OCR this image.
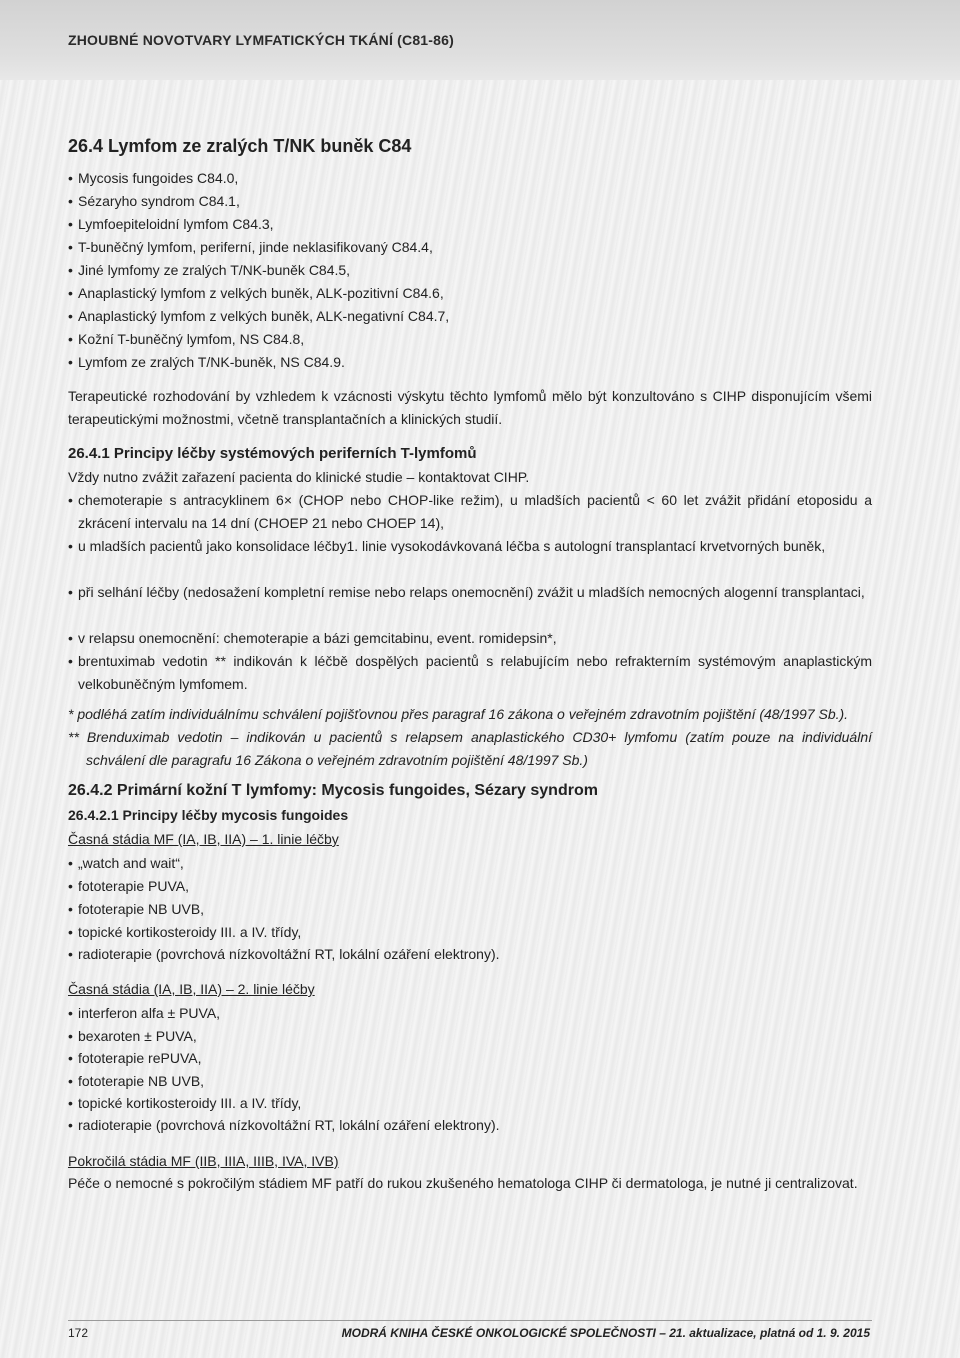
ZHOUBNÉ NOVOTVARY LYMFATICKÝCH TKÁNÍ (C81-86)
26.4 Lymfom ze zralých T/NK buněk C84
• Mycosis fungoides C84.0,
• Sézaryho syndrom C84.1,
• Lymfoepiteloidní lymfom C84.3,
• T-buněčný lymfom, periferní, jinde neklasifikovaný C84.4,
• Jiné lymfomy ze zralých T/NK-buněk C84.5,
• Anaplastický lymfom z velkých buněk, ALK-pozitivní C84.6,
• Anaplastický lymfom z velkých buněk, ALK-negativní C84.7,
• Kožní T-buněčný lymfom, NS C84.8,
• Lymfom ze zralých T/NK-buněk, NS C84.9.
Terapeutické rozhodování by vzhledem k vzácnosti výskytu těchto lymfomů mělo být konzultováno s CIHP disponujícím všemi terapeutickými možnostmi, včetně transplantačních a klinických studií.
26.4.1 Principy léčby systémových periferních T-lymfomů
Vždy nutno zvážit zařazení pacienta do klinické studie – kontaktovat CIHP.
• chemoterapie s antracyklinem 6× (CHOP nebo CHOP-like režim), u mladších pacientů < 60 let zvážit přidání etoposidu a zkrácení intervalu na 14 dní (CHOEP 21 nebo CHOEP 14),
• u mladších pacientů jako konsolidace léčby1. linie vysokodávkovaná léčba s autologní transplantací krvetvorných buněk,
• při selhání léčby (nedosažení kompletní remise nebo relaps onemocnění) zvážit u mladších nemocných alogenní transplantaci,
• v relapsu onemocnění: chemoterapie a bázi gemcitabinu, event. romidepsin*,
• brentuximab vedotin ** indikován k léčbě dospělých pacientů s relabujícím nebo refrakterním systémovým anaplastickým velkobuněčným lymfomem.
* podléhá zatím individuálnímu schválení pojišťovnou přes paragraf 16 zákona o veřejném zdravotním pojištění (48/1997 Sb.).
** Brenduximab vedotin – indikován u pacientů s relapsem anaplastického CD30+ lymfomu (zatím pouze na individuální schválení dle paragrafu 16 Zákona o veřejném zdravotním pojištění 48/1997 Sb.)
26.4.2 Primární kožní T lymfomy: Mycosis fungoides, Sézary syndrom
26.4.2.1 Principy léčby mycosis fungoides
Časná stádia MF (IA, IB, IIA) – 1. linie léčby
• „watch and wait“,
• fototerapie PUVA,
• fototerapie NB UVB,
• topické kortikosteroidy III. a IV. třídy,
• radioterapie (povrchová nízkovoltážní RT, lokální ozáření elektrony).
Časná stádia (IA, IB, IIA) – 2. linie léčby
• interferon alfa ± PUVA,
• bexaroten ± PUVA,
• fototerapie rePUVA,
• fototerapie NB UVB,
• topické kortikosteroidy III. a IV. třídy,
• radioterapie (povrchová nízkovoltážní RT, lokální ozáření elektrony).
Pokročilá stádia MF (IIB, IIIA, IIIB, IVA, IVB)
Péče o nemocné s pokročilým stádiem MF patří do rukou zkušeného hematologa CIHP či dermatologa, je nutné ji centralizovat.
172	MODRÁ KNIHA ČESKÉ ONKOLOGICKÉ SPOLEČNOSTI – 21. aktualizace, platná od 1. 9. 2015
